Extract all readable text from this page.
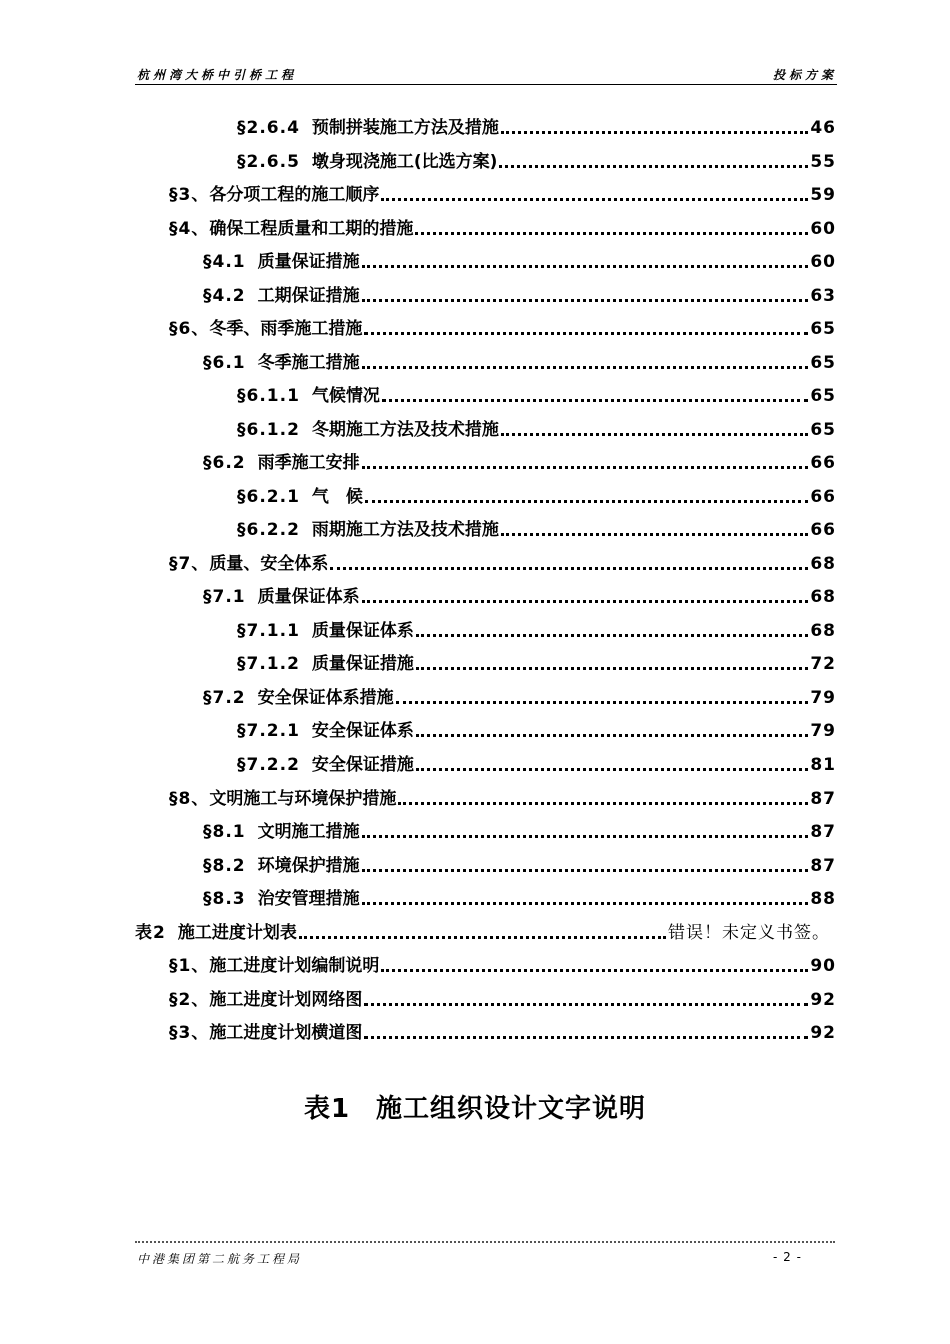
杭州湾大桥中引桥工程	投标方案
§2.6.4 预制拼装施工方法及措施	46
§2.6.5 墩身现浇施工(比选方案)	55
§3、 各分项工程的施工顺序	59
§4、 确保工程质量和工期的措施	60
§4.1 质量保证措施	60
§4.2 工期保证措施	63
§6、 冬季、雨季施工措施	65
§6.1 冬季施工措施	65
§6.1.1 气候情况	65
§6.1.2 冬期施工方法及技术措施	65
§6.2 雨季施工安排	66
§6.2.1 气　候	66
§6.2.2 雨期施工方法及技术措施	66
§7、 质量、安全体系	68
§7.1 质量保证体系	68
§7.1.1 质量保证体系	68
§7.1.2 质量保证措施	72
§7.2 安全保证体系措施	79
§7.2.1 安全保证体系	79
§7.2.2 安全保证措施	81
§8、 文明施工与环境保护措施	87
§8.1 文明施工措施	87
§8.2 环境保护措施	87
§8.3 治安管理措施	88
表2 施工进度计划表	错误！未定义书签。
§1、 施工进度计划编制说明	90
§2、 施工进度计划网络图	92
§3、 施工进度计划横道图	92
表1 施工组织设计文字说明
中港集团第二航务工程局	- 2 -
